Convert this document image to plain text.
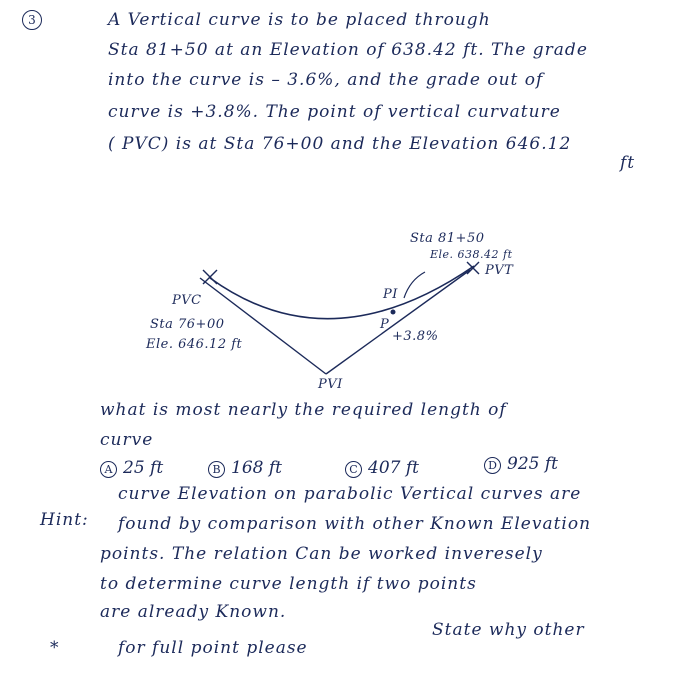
3	A Vertical curve is to be placed through
Sta 81+50 at an Elevation of 638.42 ft. The grade
into the curve is – 3.6%, and the grade out of
curve is +3.8%. The point of vertical curvature
( PVC) is at Sta 76+00 and the Elevation 646.12
ft
PVC
Sta 76+00
Ele. 646.12 ft
PVI
PI
P
+3.8%
PVT
Sta 81+50
Ele. 638.42 ft
what is most nearly the required length of
curve
A 25 ft	B 168 ft	C 407 ft	D 925 ft
Hint:
curve Elevation on parabolic Vertical curves are
found by comparison with other Known Elevation
points. The relation Can be worked inveresely
to determine curve length if two points
are already Known.
*	for full point please
State why other
